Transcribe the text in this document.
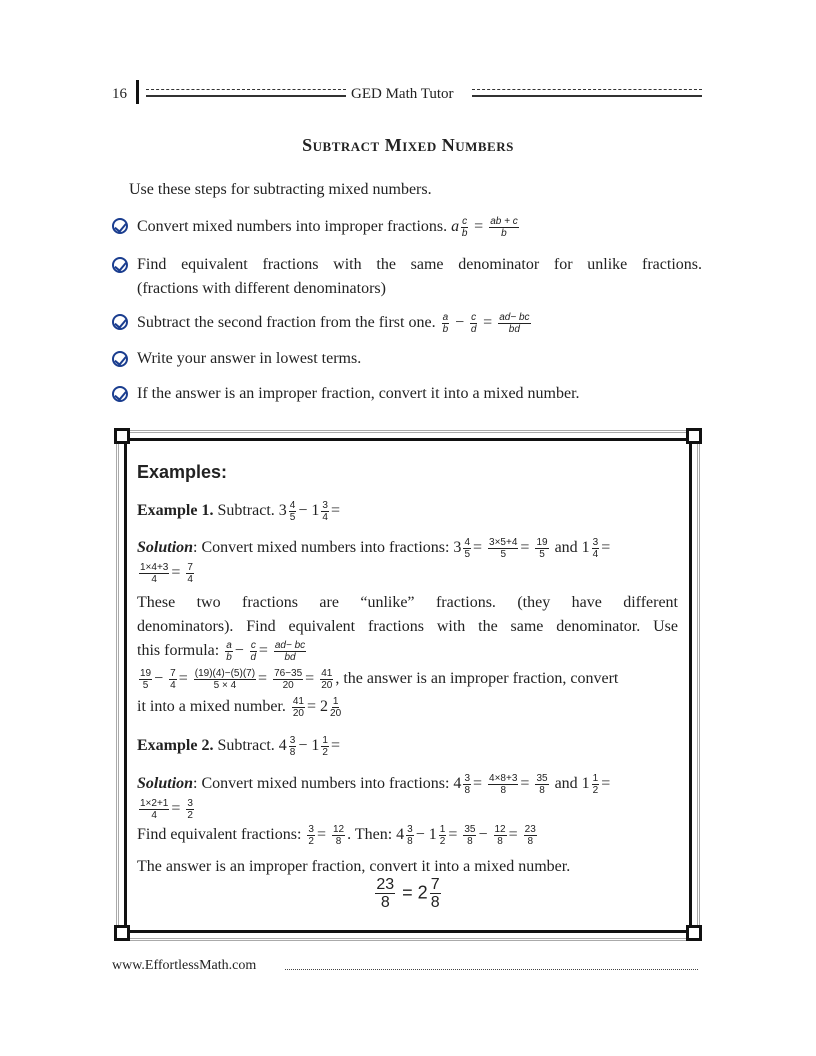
16	GED Math Tutor
Subtract Mixed Numbers
Use these steps for subtracting mixed numbers.
Convert mixed numbers into improper fractions. a $\frac{c}{b} = \frac{ab + c}{b}$
Find equivalent fractions with the same denominator for unlike fractions.
(fractions with different denominators)
Subtract the second fraction from the first one. $\frac{a}{b} - \frac{c}{d} = \frac{ad- bc}{bd}$
Write your answer in lowest terms.
If the answer is an improper fraction, convert it into a mixed number.
Examples:
Example 1. Subtract. $3 \frac{4}{5} - 1 \frac{3}{4}$ =
Solution: Convert mixed numbers into fractions: $3 \frac{4}{5} = \frac{3\times 5+4}{5} = \frac{19}{5}$ and $1 \frac{3}{4}$ =
$\frac{1\times 4+3}{4} = \frac{7}{4}$
These two fractions are “unlike” fractions. (they have different
denominators). Find equivalent fractions with the same denominator. Use
this formula: $\frac{a}{b} - \frac{c}{d} = \frac{ad- bc}{bd}$
$\frac{19}{5} - \frac{7}{4} = \frac{(19)(4)-(5)(7)}{5 \times 4} = \frac{76-35}{20} = \frac{41}{20}$ , the answer is an improper fraction, convert
it into a mixed number. $\frac{41}{20} = 2 \frac{1}{20}$
Example 2. Subtract. $4 \frac{3}{8} - 1 \frac{1}{2}$ =
Solution: Convert mixed numbers into fractions: $4 \frac{3}{8} = \frac{4\times 8+3}{8} = \frac{35}{8}$ and $1 \frac{1}{2}$ =
$\frac{1\times 2+1}{4} = \frac{3}{2}$
Find equivalent fractions: $\frac{3}{2} = \frac{12}{8}$ . Then: $4 \frac{3}{8} - 1 \frac{1}{2} = \frac{35}{8} - \frac{12}{8} = \frac{23}{8}$
The answer is an improper fraction, convert it into a mixed number.
$\frac{23}{8} = 2 \frac{7}{8}$
www.EffortlessMath.com
